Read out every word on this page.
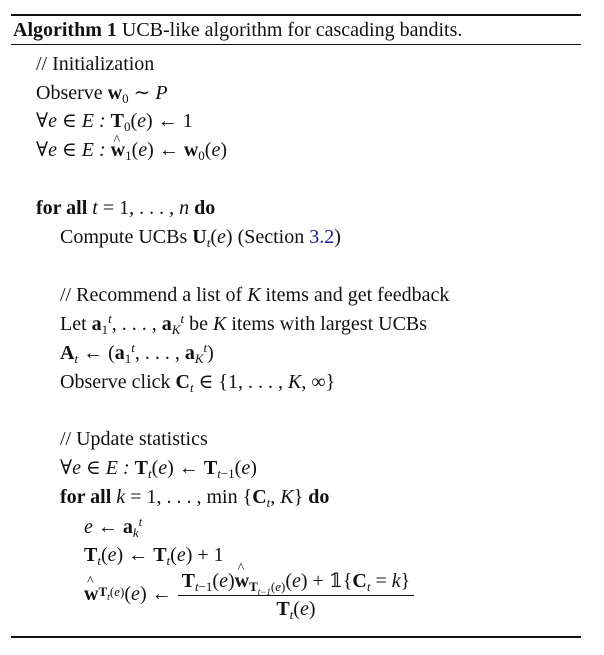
Algorithm 1 UCB-like algorithm for cascading bandits.
// Initialization
Observe $w_0$ ∼ P
∀e ∈ E : $T_0(e)$ ← 1
∀e ∈ E : ^ $w_1(e)$ ← $w_0(e)$
for all t = 1, . . . , n do
Compute UCBs $U_t(e)$ (Section 3.2)
// Recommend a list of K items and get feedback
Let $a_1^t$, . . . , $a_K^t$ be K items with largest UCBs
$A_t$ ← ($a_1^t$, . . . , $a_K^t$)
Observe click $C_t$ ∈ {1, . . . , K, ∞}
// Update statistics
∀e ∈ E : $T_t(e)$ ← $T_{t-1}(e)$
for all k = 1, . . . , $\min \{C_t$, K} do
e ← $a_k^t$
$T_t(e)$ ← $T_t(e) + 1$
^ w $T_t(e)$ ( e ) ← $\frac{T_{t-1}(e)\^{} w_{T_{t-1}(e)}(e) + 𝟙\{C_t = k\}}{T_t(e)}$
